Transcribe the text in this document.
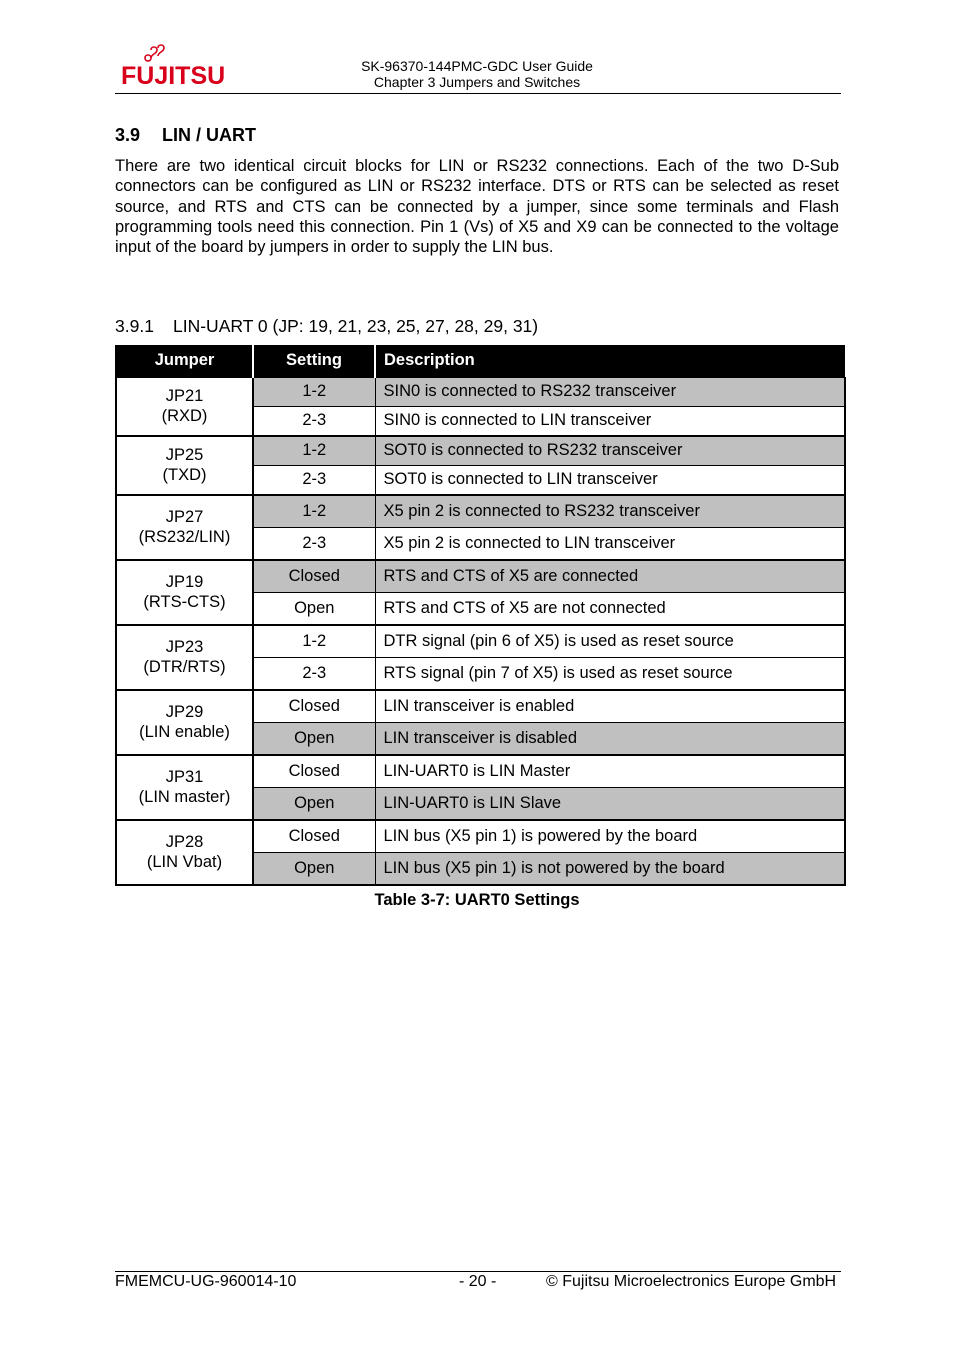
FUJITSU	SK-96370-144PMC-GDC User Guide
Chapter 3 Jumpers and Switches
3.9 LIN / UART
There are two identical circuit blocks for LIN or RS232 connections. Each of the two D-Sub connectors can be configured as LIN or RS232 interface. DTS or RTS can be selected as reset source, and RTS and CTS can be connected by a jumper, since some terminals and Flash programming tools need this connection. Pin 1 (Vs) of X5 and X9 can be connected to the voltage input of the board by jumpers in order to supply the LIN bus.
3.9.1 LIN-UART 0 (JP: 19, 21, 23, 25, 27, 28, 29, 31)
Jumper	Setting	Description

JP21
(RXD)	1-2	SIN0 is connected to RS232 transceiver
	2-3	SIN0 is connected to LIN transceiver

JP25
(TXD)	1-2	SOT0 is connected to RS232 transceiver
	2-3	SOT0 is connected to LIN transceiver

JP27
(RS232/LIN)	1-2	X5 pin 2 is connected to RS232 transceiver
	2-3	X5 pin 2 is connected to LIN transceiver

JP19
(RTS-CTS)	Closed	RTS and CTS of X5 are connected
	Open	RTS and CTS of X5 are not connected

JP23
(DTR/RTS)	1-2	DTR signal (pin 6 of X5) is used as reset source
	2-3	RTS signal (pin 7 of X5) is used as reset source

JP29
(LIN enable)	Closed	LIN transceiver is enabled
	Open	LIN transceiver is disabled

JP31
(LIN master)	Closed	LIN-UART0 is LIN Master
	Open	LIN-UART0 is LIN Slave

JP28
(LIN Vbat)	Closed	LIN bus (X5 pin 1) is powered by the board
	Open	LIN bus (X5 pin 1) is not powered by the board
Table 3-7: UART0 Settings
FMEMCU-UG-960014-10	- 20 -	© Fujitsu Microelectronics Europe GmbH
